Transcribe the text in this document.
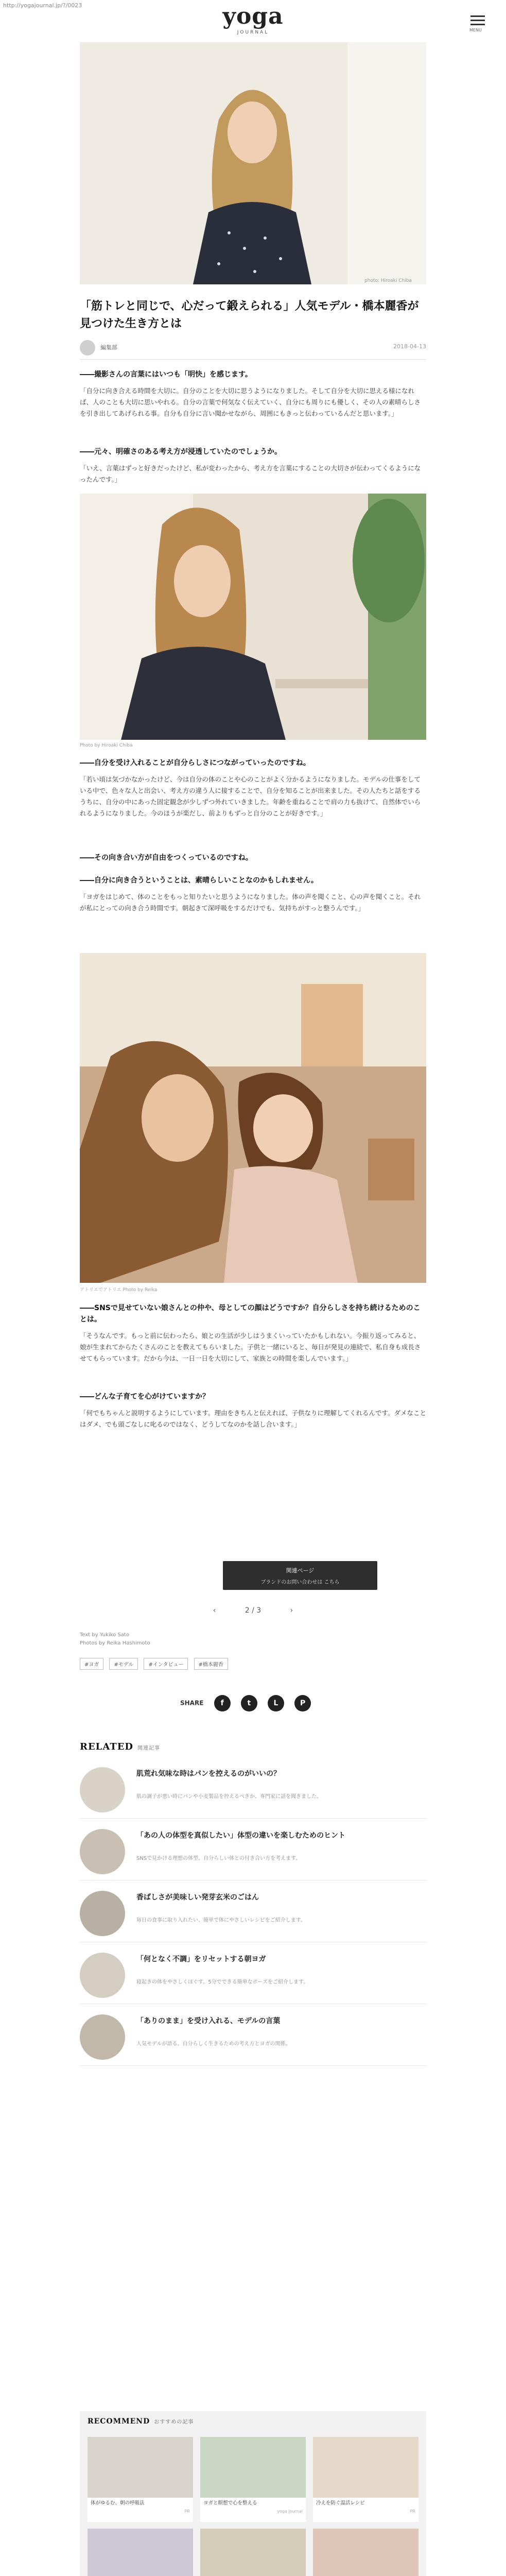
http://yogajournal.jp/?/0023	yoga
JOURNAL	MENU
photo: Hiroaki Chiba
「筋トレと同じで、心だって鍛えられる」人気モデル・橋本麗香が見つけた生き方とは
編集部	2018-04-13
――撮影さんの言葉にはいつも「明快」を感じます。
「自分に向き合える時間を大切に。自分のことを大切に思うようになりました。そして自分を大切に思える様になれば、人のことも大切に思いやれる。自分の言葉で何気なく伝えていく、自分にも周りにも優しく、その人の素晴らしさを引き出してあげられる事。自分も自分に言い聞かせながら、周囲にもきっと伝わっているんだと思います。」
――元々、明確さのある考え方が浸透していたのでしょうか。
「いえ、言葉はずっと好きだったけど、私が変わったから、考え方を言葉にすることの大切さが伝わってくるようになったんです。」
Photo by Hiroaki Chiba
――自分を受け入れることが自分らしさにつながっていったのですね。
「若い頃は気づかなかったけど、今は自分の体のことや心のことがよく分かるようになりました。モデルの仕事をしている中で、色々な人と出会い、考え方の違う人に接することで、自分を知ることが出来ました。その人たちと話をするうちに、自分の中にあった固定観念が少しずつ外れていきました。年齢を重ねることで肩の力も抜けて、自然体でいられるようになりました。今のほうが楽だし、前よりもずっと自分のことが好きです。」
――その向き合い方が自由をつくっているのですね。
――自分に向き合うということは、素晴らしいことなのかもしれません。
「ヨガをはじめて、体のことをもっと知りたいと思うようになりました。体の声を聞くこと、心の声を聞くこと。それが私にとっての向き合う時間です。朝起きて深呼吸をするだけでも、気持ちがすっと整うんです。」
アトリエでアトリエ Photo by Reika
――SNSで見せていない娘さんとの仲や、母としての顔はどうですか？自分らしさを持ち続けるためのことは。
「そうなんです。もっと前に伝わったら、娘との生活が少しはうまくいっていたかもしれない。今振り返ってみると、娘が生まれてからたくさんのことを教えてもらいました。子供と一緒にいると、毎日が発見の連続で、私自身も成長させてもらっています。だから今は、一日一日を大切にして、家族との時間を楽しんでいます。」
――どんな子育てを心がけていますか？
「何でもちゃんと説明するようにしています。理由をきちんと伝えれば、子供なりに理解してくれるんです。ダメなことはダメ、でも頭ごなしに叱るのではなく、どうしてなのかを話し合います。」
関連ページ
ブランドのお問い合わせは こちら
‹	2 / 3	›
Text by Yukiko Sato
Photos by Reika Hashimoto
#ヨガ	#モデル	#インタビュー	#橋本麗香
SHARE f	t	L	P
RELATED 関連記事
肌荒れ気味な時はパンを控えるのがいいの？
肌の調子が悪い時にパンや小麦製品を控えるべきか、専門家に話を聞きました。
「あの人の体型を真似したい」体型の違いを楽しむためのヒント
SNSで見かける理想の体型。自分らしい体との付き合い方を考えます。
香ばしさが美味しい発芽玄米のごはん
毎日の食事に取り入れたい、簡単で体にやさしいレシピをご紹介します。
「何となく不調」をリセットする朝ヨガ
寝起きの体をやさしくほぐす、5分でできる簡単なポーズをご紹介します。
「ありのまま」を受け入れる、モデルの言葉
人気モデルが語る、自分らしく生きるための考え方とヨガの関係。
RECOMMEND おすすめの記事
体がゆるむ、朝の呼吸法
PR
ヨガと瞑想で心を整える
yoga journal
冷えを防ぐ温活レシピ
PR
